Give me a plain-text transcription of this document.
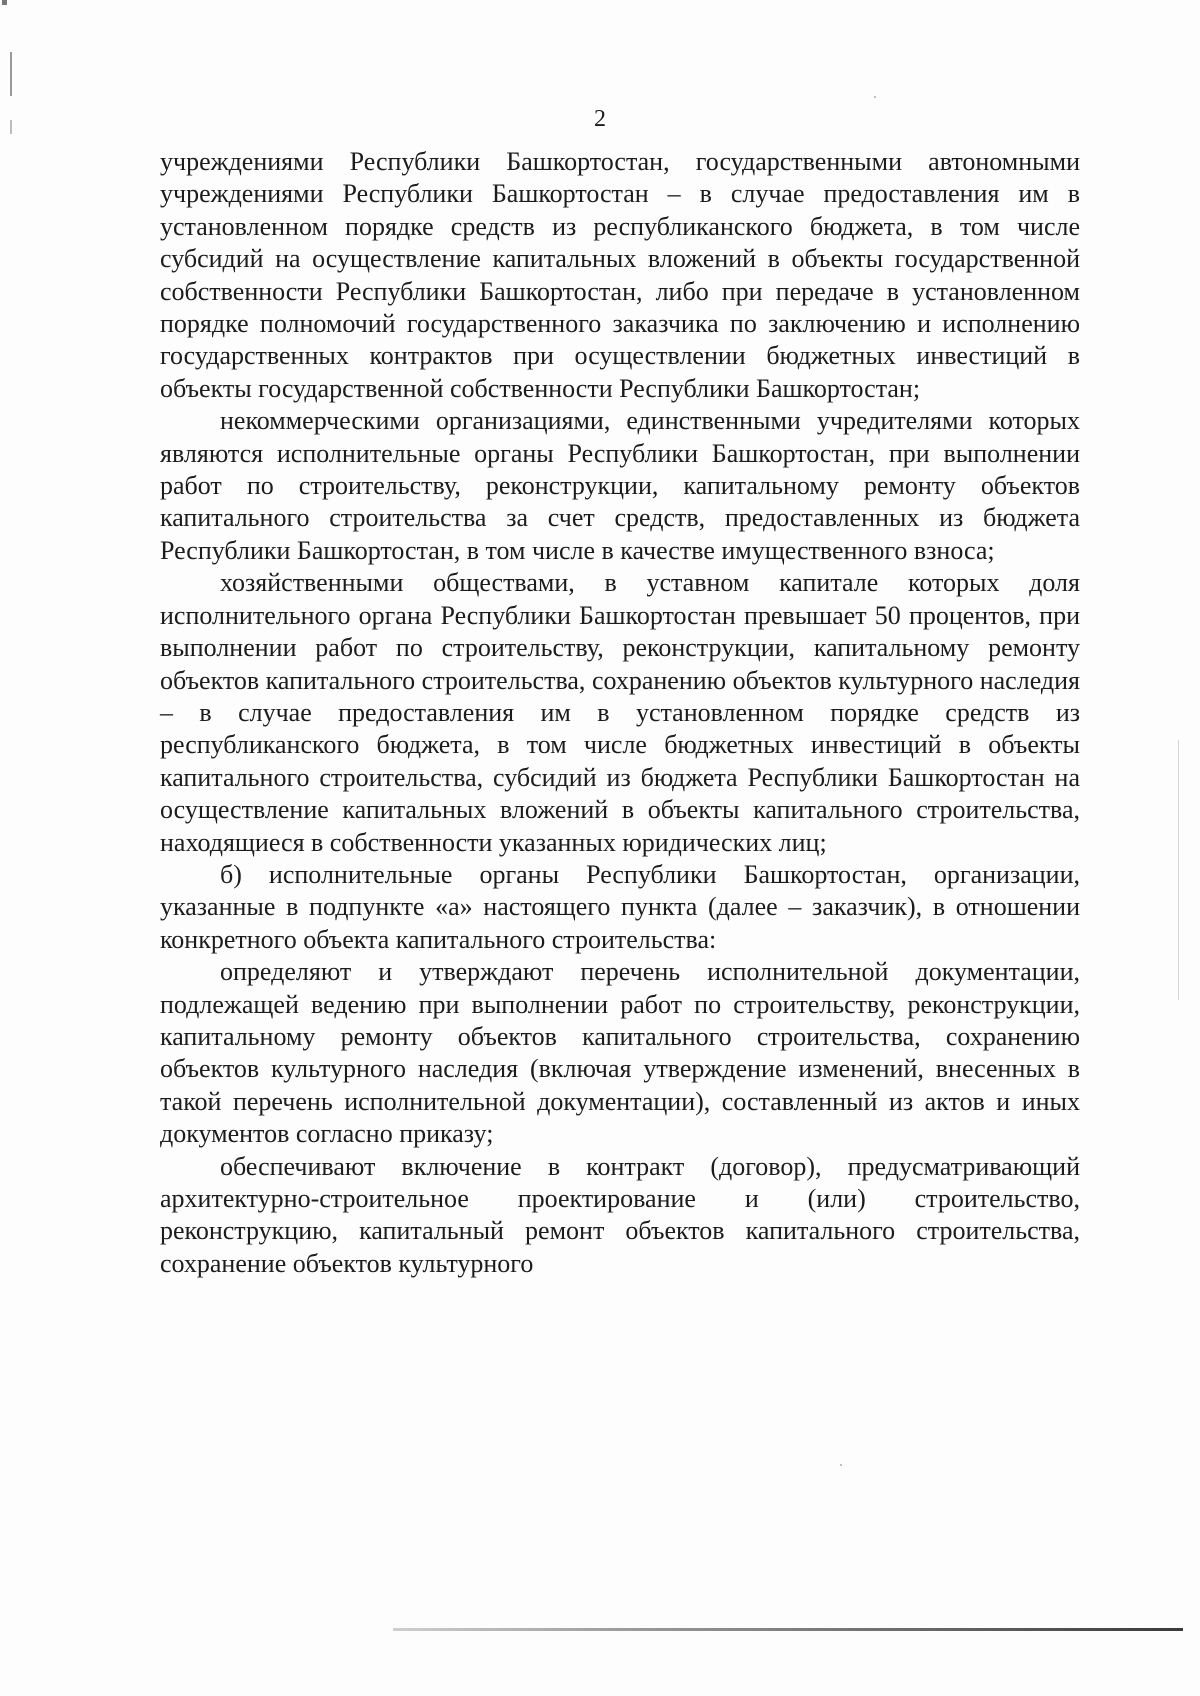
2

учреждениями Республики Башкортостан, государственными автономными учреждениями Республики Башкортостан – в случае предоставления им в установленном порядке средств из республиканского бюджета, в том числе субсидий на осуществление капитальных вложений в объекты государственной собственности Республики Башкортостан, либо при передаче в установленном порядке полномочий государственного заказчика по заключению и исполнению государственных контрактов при осуществлении бюджетных инвестиций в объекты государственной собственности Республики Башкортостан;

некоммерческими организациями, единственными учредителями которых являются исполнительные органы Республики Башкортостан, при выполнении работ по строительству, реконструкции, капитальному ремонту объектов капитального строительства за счет средств, предоставленных из бюджета Республики Башкортостан, в том числе в качестве имущественного взноса;

хозяйственными обществами, в уставном капитале которых доля исполнительного органа Республики Башкортостан превышает 50 процентов, при выполнении работ по строительству, реконструкции, капитальному ремонту объектов капитального строительства, сохранению объектов культурного наследия – в случае предоставления им в установленном порядке средств из республиканского бюджета, в том числе бюджетных инвестиций в объекты капитального строительства, субсидий из бюджета Республики Башкортостан на осуществление капитальных вложений в объекты капитального строительства, находящиеся в собственности указанных юридических лиц;

б) исполнительные органы Республики Башкортостан, организации, указанные в подпункте «а» настоящего пункта (далее – заказчик), в отношении конкретного объекта капитального строительства:

определяют и утверждают перечень исполнительной документации, подлежащей ведению при выполнении работ по строительству, реконструкции, капитальному ремонту объектов капитального строительства, сохранению объектов культурного наследия (включая утверждение изменений, внесенных в такой перечень исполнительной документации), составленный из актов и иных документов согласно приказу;

обеспечивают включение в контракт (договор), предусматривающий архитектурно-строительное проектирование и (или) строительство, реконструкцию, капитальный ремонт объектов капитального строительства, сохранение объектов культурного
